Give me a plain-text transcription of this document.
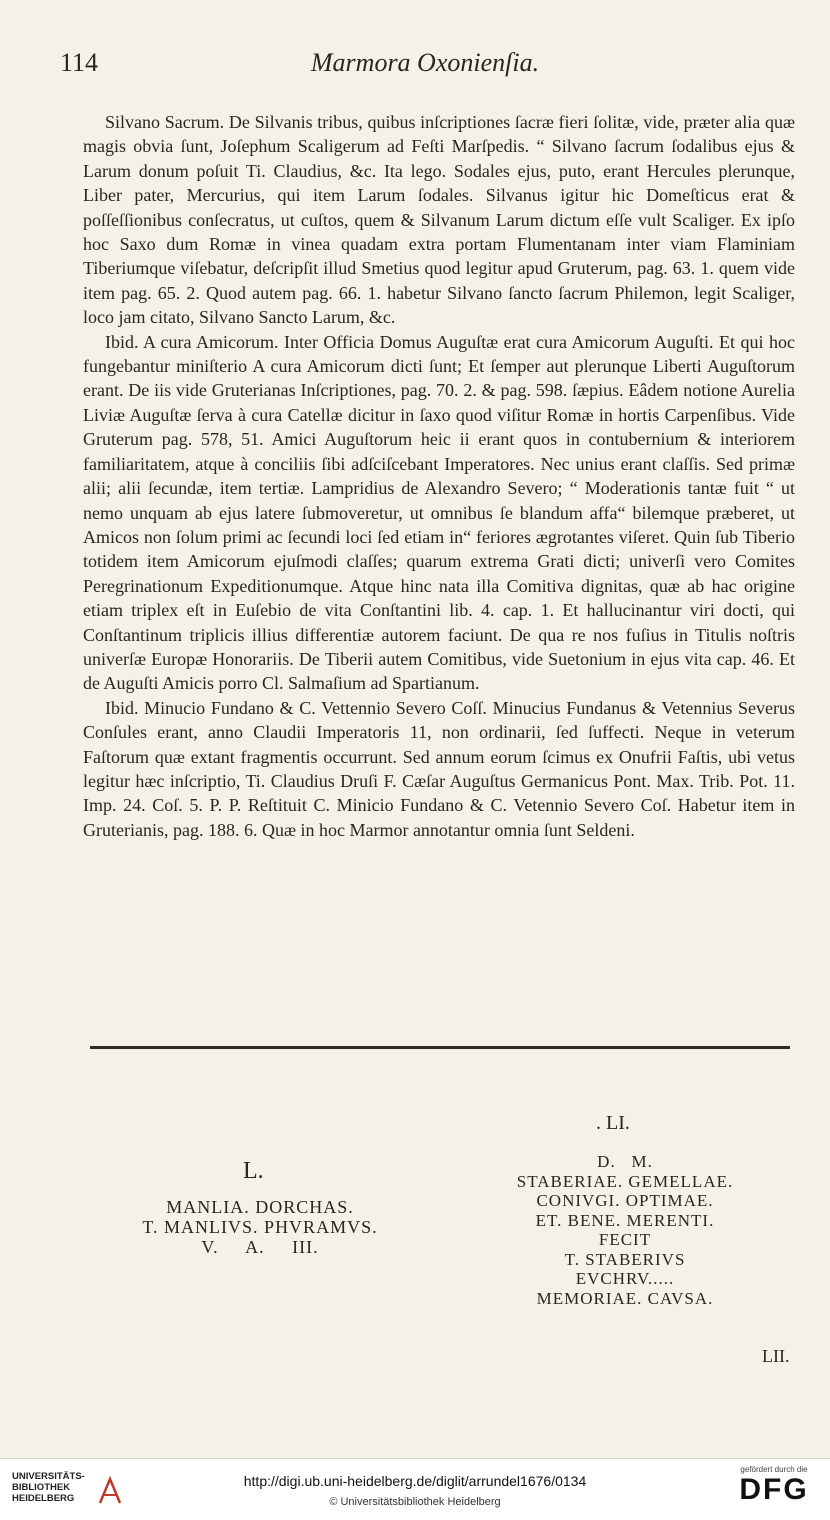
114	Marmora Oxonienſia.

Silvano Sacrum. De Silvanis tribus, quibus inſcriptiones ſacræ fieri ſolitæ, vide, præter alia quæ magis obvia ſunt, Joſephum Scaligerum ad Feſti Marſpedis. “ Silvano ſacrum ſodalibus ejus & Larum donum poſuit Ti. Claudius, &c. Ita lego. Sodales ejus, puto, erant Hercules plerunque, Liber pater, Mercurius, qui item Larum ſodales. Silvanus igitur hic Domeſticus erat & poſſeſſionibus conſecratus, ut cuſtos, quem & Silvanum Larum dictum eſſe vult Scaliger. Ex ipſo hoc Saxo dum Romæ in vinea quadam extra portam Flumentanam inter viam Flaminiam Tiberiumque viſebatur, deſcripſit illud Smetius quod legitur apud Gruterum, pag. 63. 1. quem vide item pag. 65. 2. Quod autem pag. 66. 1. habetur Silvano ſancto ſacrum Philemon, legit Scaliger, loco jam citato, Silvano Sancto Larum, &c.

Ibid. A cura Amicorum. Inter Officia Domus Auguſtæ erat cura Amicorum Auguſti. Et qui hoc fungebantur miniſterio A cura Amicorum dicti ſunt; Et ſemper aut plerunque Liberti Auguſtorum erant. De iis vide Gruterianas Inſcriptiones, pag. 70. 2. & pag. 598. ſæpius. Eâdem notione Aurelia Liviæ Auguſtæ ſerva à cura Catellæ dicitur in ſaxo quod viſitur Romæ in hortis Carpenſibus. Vide Gruterum pag. 578, 51. Amici Auguſtorum heic ii erant quos in contubernium & interiorem familiaritatem, atque à conciliis ſibi adſciſcebant Imperatores. Nec unius erant claſſis. Sed primæ alii; alii ſecundæ, item tertiæ. Lampridius de Alexandro Severo; “ Moderationis tantæ fuit “ ut nemo unquam ab ejus latere ſubmoveretur, ut omnibus ſe blandum affa“ bilemque præberet, ut Amicos non ſolum primi ac ſecundi loci ſed etiam in“ feriores ægrotantes viſeret. Quin ſub Tiberio totidem item Amicorum ejuſmodi claſſes; quarum extrema Grati dicti; univerſi vero Comites Peregrinationum Expeditionumque. Atque hinc nata illa Comitiva dignitas, quæ ab hac origine etiam triplex eſt in Euſebio de vita Conſtantini lib. 4. cap. 1. Et hallucinantur viri docti, qui Conſtantinum triplicis illius differentiæ autorem faciunt. De qua re nos fuſius in Titulis noſtris univerſæ Europæ Honorariis. De Tiberii autem Comitibus, vide Suetonium in ejus vita cap. 46. Et de Auguſti Amicis porro Cl. Salmaſium ad Spartianum.

Ibid. Minucio Fundano & C. Vettennio Severo Coſſ. Minucius Fundanus & Vetennius Severus Conſules erant, anno Claudii Imperatoris 11, non ordinarii, ſed ſuffecti. Neque in veterum Faſtorum quæ extant fragmentis occurrunt. Sed annum eorum ſcimus ex Onufrii Faſtis, ubi vetus legitur hæc inſcriptio, Ti. Claudius Druſi F. Cæſar Auguſtus Germanicus Pont. Max. Trib. Pot. 11. Imp. 24. Coſ. 5. P. P. Reſtituit C. Minicio Fundano & C. Vetennio Severo Coſ. Habetur item in Gruterianis, pag. 188. 6. Quæ in hoc Marmor annotantur omnia ſunt Seldeni.

L.
MANLIA. DORCHAS.
T. MANLIVS. PHVRAMVS.
V.     A.     III.
. LI.
D.   M.
STABERIAE. GEMELLAE.
CONIVGI. OPTIMAE.
ET. BENE. MERENTI.
FECIT
T. STABERIVS
EVCHRV.....
MEMORIAE. CAVSA.
LII.
UNIVERSITÄTS-
BIBLIOTHEK
HEIDELBERG
http://digi.ub.uni-heidelberg.de/diglit/arrundel1676/0134
© Universitätsbibliothek Heidelberg
gefördert durch die
DFG
